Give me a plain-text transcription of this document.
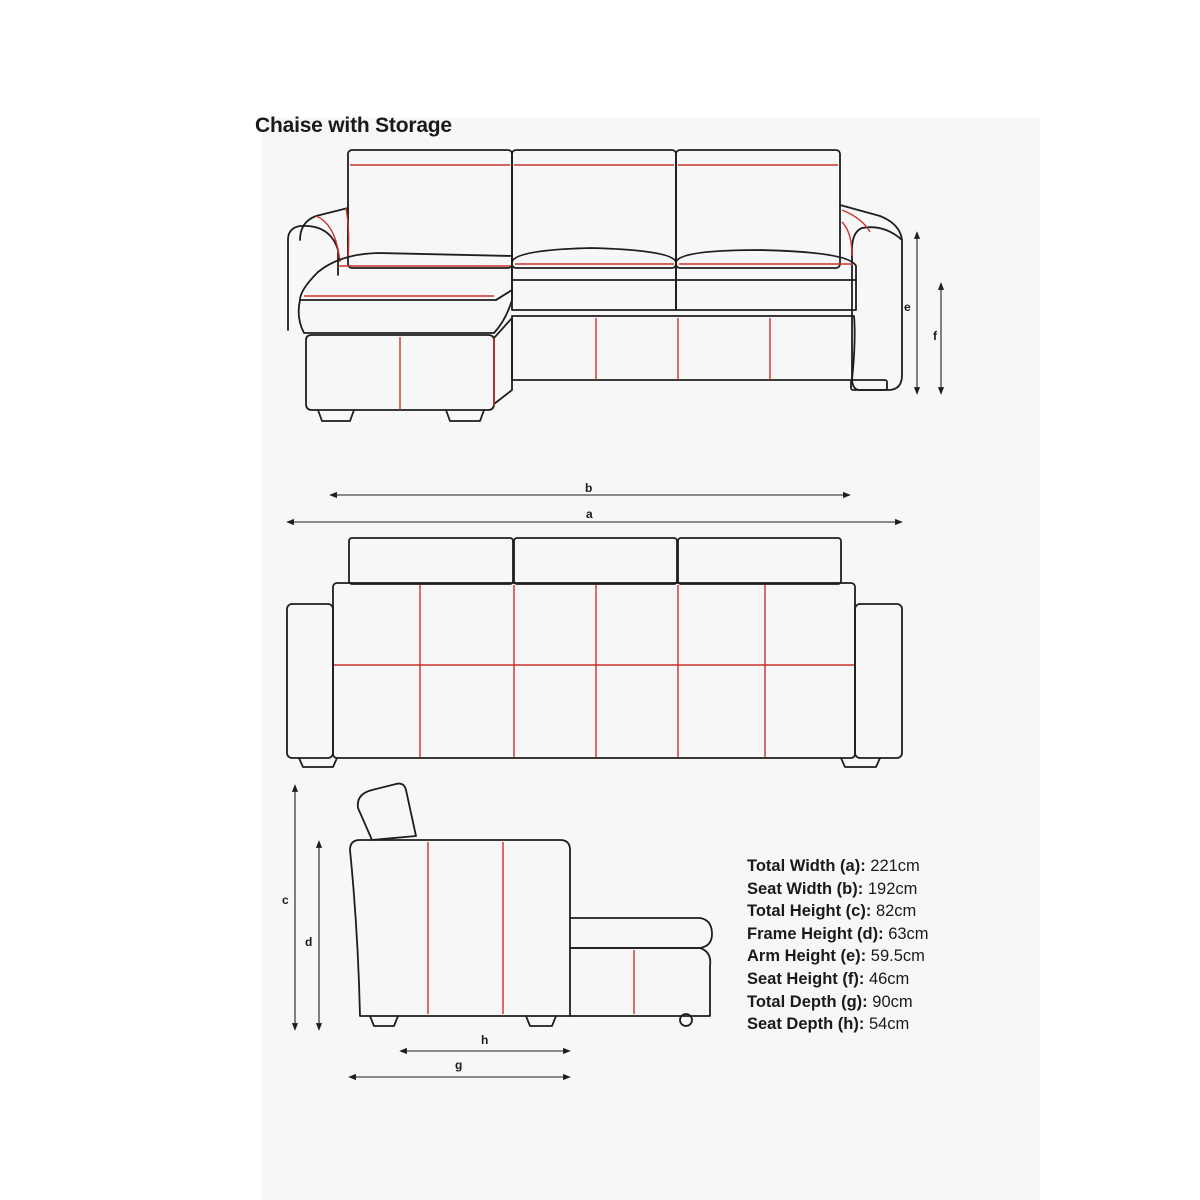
Chaise with Storage
e
f
b
a
c
d
h
g
Total Width (a): 221cm
Seat Width (b): 192cm
Total Height (c): 82cm
Frame Height (d): 63cm
Arm Height (e): 59.5cm
Seat Height (f): 46cm
Total Depth (g): 90cm
Seat Depth (h): 54cm
